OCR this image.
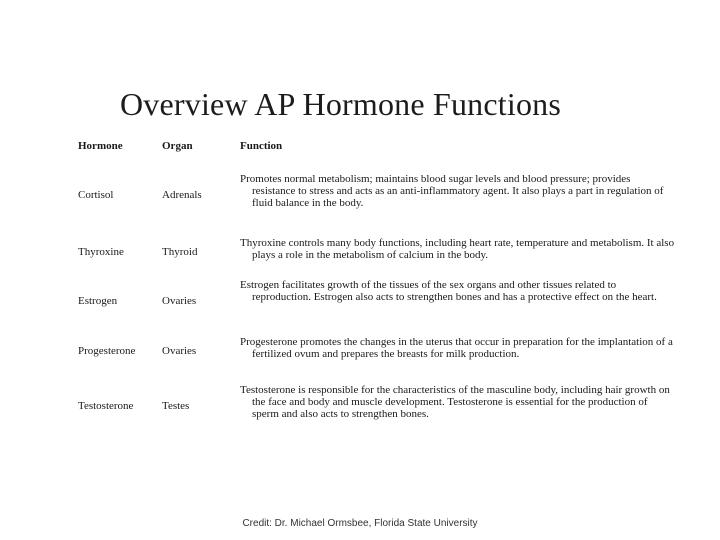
Overview AP Hormone Functions
Hormone	Organ	Function
Cortisol	Adrenals
Promotes normal metabolism; maintains blood sugar levels and blood pressure; provides resistance to stress and acts as an anti-inflammatory agent. It also plays a part in regulation of fluid balance in the body.
Thyroxine	Thyroid
Thyroxine controls many body functions, including heart rate, temperature and metabolism. It also plays a role in the metabolism of calcium in the body.
Estrogen	Ovaries
Estrogen facilitates growth of the tissues of the sex organs and other tissues related to reproduction. Estrogen also acts to strengthen bones and has a protective effect on the heart.
Progesterone Ovaries
Progesterone promotes the changes in the uterus that occur in preparation for the implantation of a fertilized ovum and prepares the breasts for milk production.
Testosterone	Testes
Testosterone is responsible for the characteristics of the masculine body, including hair growth on the face and body and muscle development. Testosterone is essential for the production of sperm and also acts to strengthen bones.
Credit: Dr. Michael Ormsbee, Florida State University
